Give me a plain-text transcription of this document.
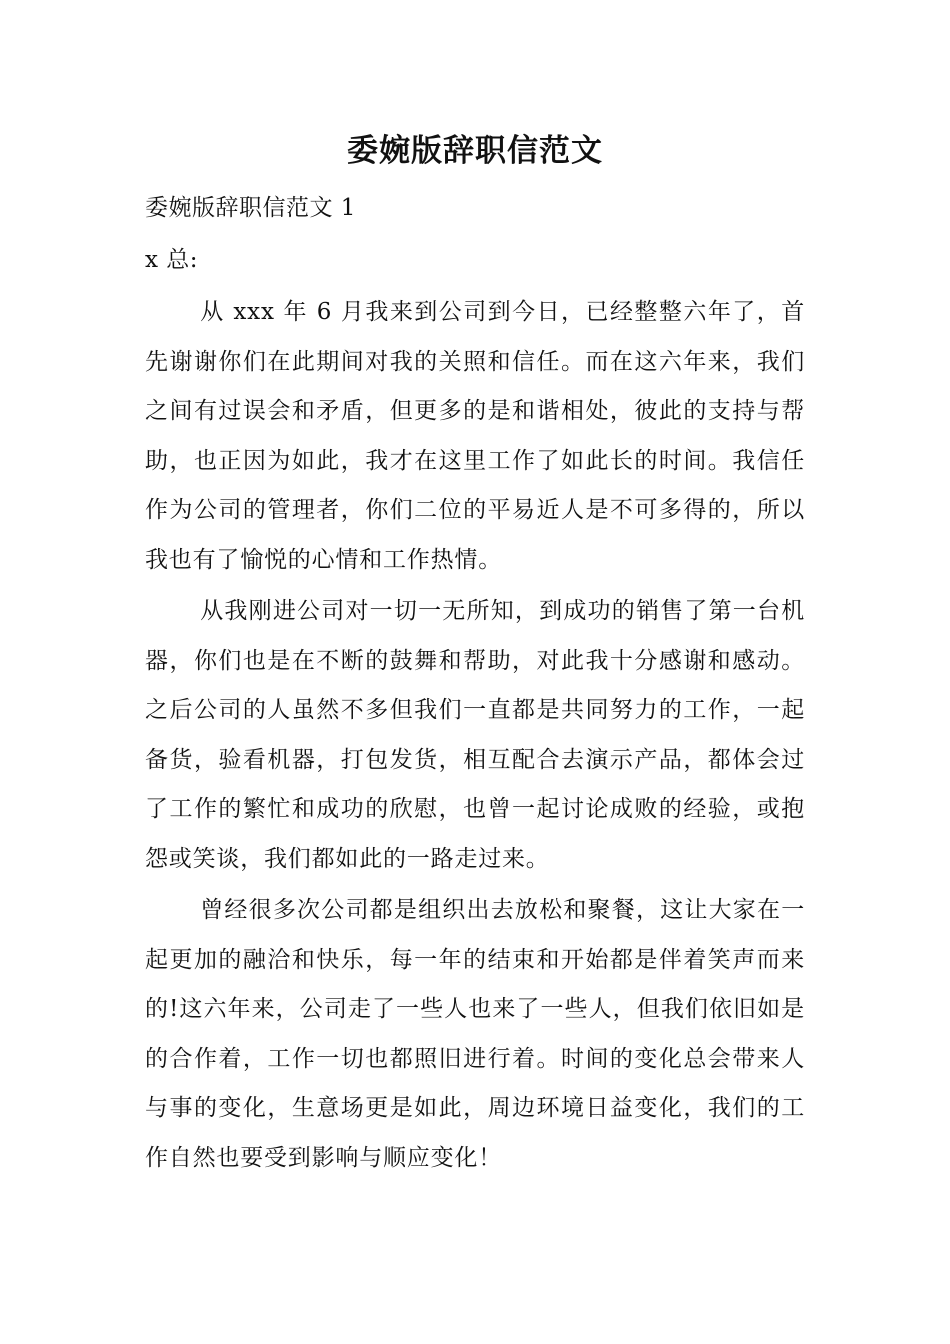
委婉版辞职信范文

委婉版辞职信范文 1

x 总:

从 xxx 年 6 月我来到公司到今日，已经整整六年了，首先谢谢你们在此期间对我的关照和信任。而在这六年来，我们之间有过误会和矛盾，但更多的是和谐相处，彼此的支持与帮助，也正因为如此，我才在这里工作了如此长的时间。我信任作为公司的管理者，你们二位的平易近人是不可多得的，所以我也有了愉悦的心情和工作热情。

从我刚进公司对一切一无所知，到成功的销售了第一台机器，你们也是在不断的鼓舞和帮助，对此我十分感谢和感动。之后公司的人虽然不多但我们一直都是共同努力的工作，一起备货，验看机器，打包发货，相互配合去演示产品，都体会过了工作的繁忙和成功的欣慰，也曾一起讨论成败的经验，或抱怨或笑谈，我们都如此的一路走过来。

曾经很多次公司都是组织出去放松和聚餐，这让大家在一起更加的融洽和快乐，每一年的结束和开始都是伴着笑声而来的!这六年来，公司走了一些人也来了一些人，但我们依旧如是的合作着，工作一切也都照旧进行着。时间的变化总会带来人与事的变化，生意场更是如此，周边环境日益变化，我们的工作自然也要受到影响与顺应变化！
